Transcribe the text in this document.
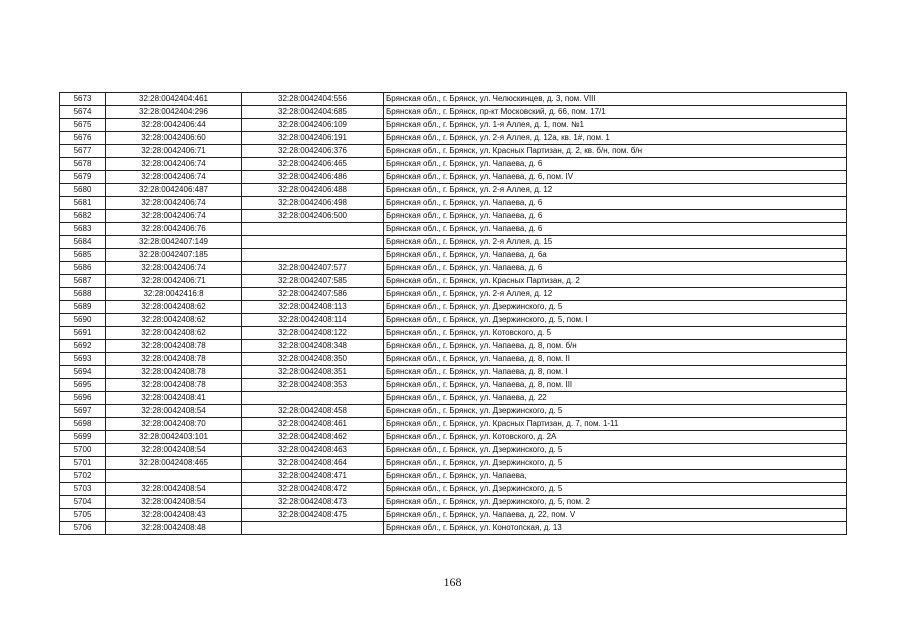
5673	32:28:0042404:461	32:28:0042404:556	Брянская обл., г. Брянск, ул. Челюскинцев, д. 3, пом. VIII
5674	32:28:0042404:296	32:28:0042404:685	Брянская обл., г. Брянск, пр-кт Московский, д. 66, пом. 17/1
5675	32:28:0042406:44	32:28:0042406:109	Брянская обл., г. Брянск, ул. 1-я Аллея, д. 1, пом. №1
5676	32:28:0042406:60	32:28:0042406:191	Брянская обл., г. Брянск, ул. 2-я Аллея, д. 12а, кв. 1#, пом. 1
5677	32:28:0042406:71	32:28:0042406:376	Брянская обл., г. Брянск, ул. Красных Партизан, д. 2, кв. б/н, пом. б/н
5678	32:28:0042406:74	32:28:0042406:465	Брянская обл., г. Брянск, ул. Чапаева, д. 6
5679	32:28:0042406:74	32:28:0042406:486	Брянская обл., г. Брянск, ул. Чапаева, д. 6, пом. IV
5680	32:28:0042406:487	32:28:0042406:488	Брянская обл., г. Брянск, ул. 2-я Аллея, д. 12
5681	32:28:0042406:74	32:28:0042406:498	Брянская обл., г. Брянск, ул. Чапаева, д. 6
5682	32:28:0042406:74	32:28:0042406:500	Брянская обл., г. Брянск, ул. Чапаева, д. 6
5683	32:28:0042406:76		Брянская обл., г. Брянск, ул. Чапаева, д. 6
5684	32:28:0042407:149		Брянская обл., г. Брянск, ул. 2-я Аллея, д. 15
5685	32:28:0042407:185		Брянская обл., г. Брянск, ул. Чапаева, д. 6а
5686	32:28:0042406:74	32:28:0042407:577	Брянская обл., г. Брянск, ул. Чапаева, д. 6
5687	32:28:0042406:71	32:28:0042407:585	Брянская обл., г. Брянск, ул. Красных Партизан, д. 2
5688	32:28:0042416:8	32:28:0042407:586	Брянская обл., г. Брянск, ул. 2-я Аллея, д. 12
5689	32:28:0042408:62	32:28:0042408:113	Брянская обл., г. Брянск, ул. Дзержинского, д. 5
5690	32:28:0042408:62	32:28:0042408:114	Брянская обл., г. Брянск, ул. Дзержинского, д. 5, пом. I
5691	32:28:0042408:62	32:28:0042408:122	Брянская обл., г. Брянск, ул. Котовского, д. 5
5692	32:28:0042408:78	32:28:0042408:348	Брянская обл., г. Брянск, ул. Чапаева, д. 8, пом. б/н
5693	32:28:0042408:78	32:28:0042408:350	Брянская обл., г. Брянск, ул. Чапаева, д. 8, пом. II
5694	32:28:0042408:78	32:28:0042408:351	Брянская обл., г. Брянск, ул. Чапаева, д. 8, пом. I
5695	32:28:0042408:78	32:28:0042408:353	Брянская обл., г. Брянск, ул. Чапаева, д. 8, пом. III
5696	32:28:0042408:41		Брянская обл., г. Брянск, ул. Чапаева, д. 22
5697	32:28:0042408:54	32:28:0042408:458	Брянская обл., г. Брянск, ул. Дзержинского, д. 5
5698	32:28:0042408:70	32:28:0042408:461	Брянская обл., г. Брянск, ул. Красных Партизан, д. 7, пом. 1-11
5699	32:28:0042403:101	32:28:0042408:462	Брянская обл., г. Брянск, ул. Котовского, д. 2А
5700	32:28:0042408:54	32:28:0042408:463	Брянская обл., г. Брянск, ул. Дзержинского, д. 5
5701	32:28:0042408:465	32:28:0042408:464	Брянская обл., г. Брянск, ул. Дзержинского, д. 5
5702		32:28:0042408:471	Брянская обл., г. Брянск, ул. Чапаева,
5703	32:28:0042408:54	32:28:0042408:472	Брянская обл., г. Брянск, ул. Дзержинского, д. 5
5704	32:28:0042408:54	32:28:0042408:473	Брянская обл., г. Брянск, ул. Дзержинского, д. 5, пом. 2
5705	32:28:0042408:43	32:28:0042408:475	Брянская обл., г. Брянск, ул. Чапаева, д. 22, пом. V
5706	32:28:0042408:48		Брянская обл., г. Брянск, ул. Конотопская, д. 13
168
